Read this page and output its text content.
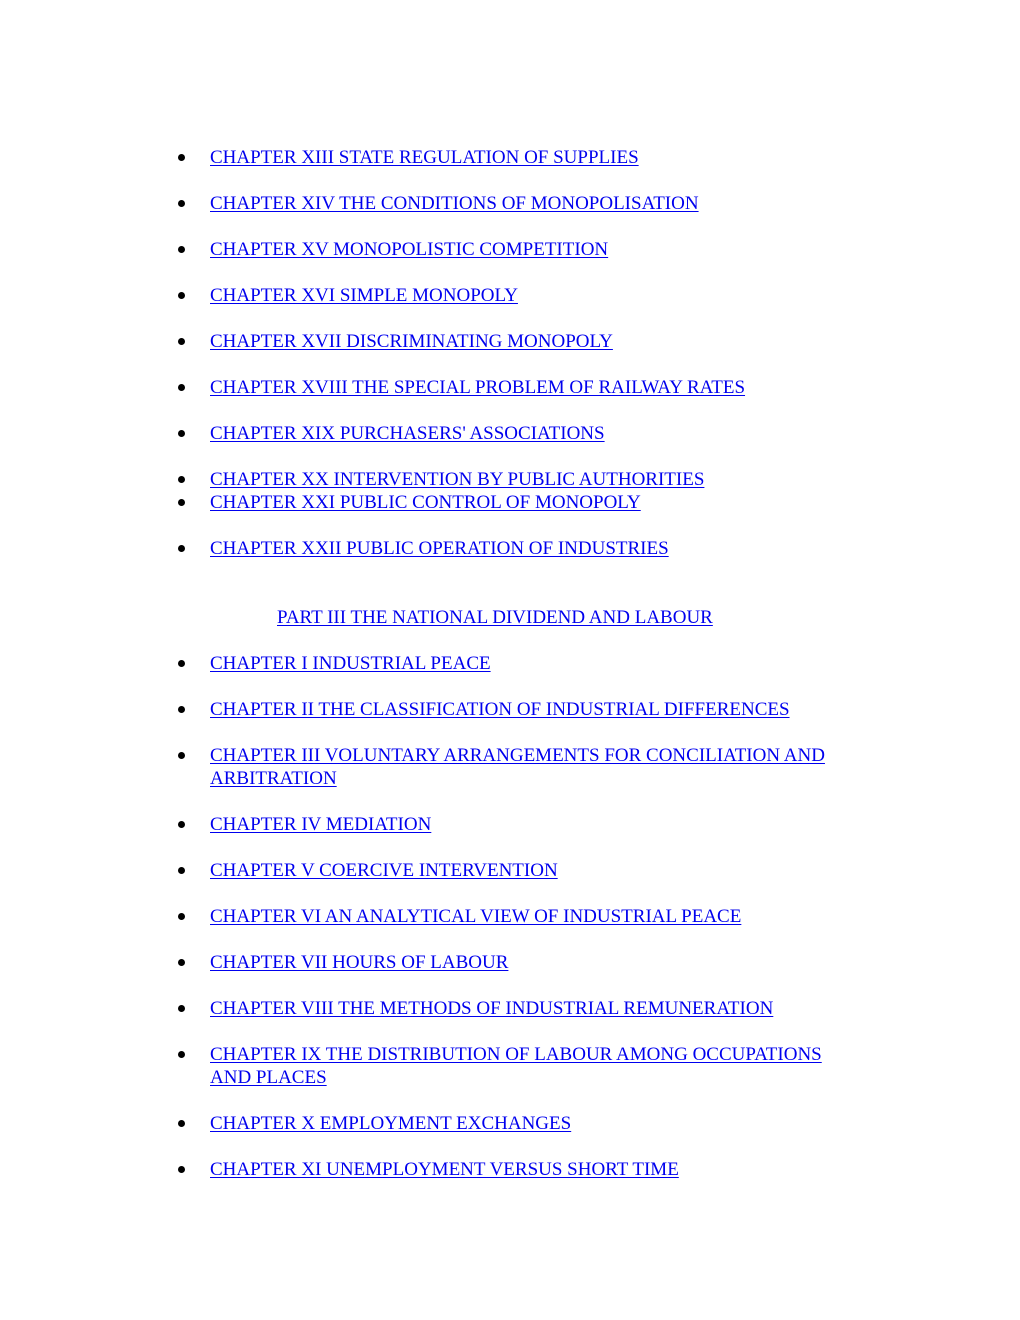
CHAPTER XIII STATE REGULATION OF SUPPLIES
CHAPTER XIV THE CONDITIONS OF MONOPOLISATION
CHAPTER XV MONOPOLISTIC COMPETITION
CHAPTER XVI SIMPLE MONOPOLY
CHAPTER XVII DISCRIMINATING MONOPOLY
CHAPTER XVIII THE SPECIAL PROBLEM OF RAILWAY RATES
CHAPTER XIX PURCHASERS' ASSOCIATIONS
CHAPTER XX INTERVENTION BY PUBLIC AUTHORITIES
CHAPTER XXI PUBLIC CONTROL OF MONOPOLY
CHAPTER XXII PUBLIC OPERATION OF INDUSTRIES
PART III THE NATIONAL DIVIDEND AND LABOUR
CHAPTER I INDUSTRIAL PEACE
CHAPTER II THE CLASSIFICATION OF INDUSTRIAL DIFFERENCES
CHAPTER III VOLUNTARY ARRANGEMENTS FOR CONCILIATION AND
ARBITRATION
CHAPTER IV MEDIATION
CHAPTER V COERCIVE INTERVENTION
CHAPTER VI AN ANALYTICAL VIEW OF INDUSTRIAL PEACE
CHAPTER VII HOURS OF LABOUR
CHAPTER VIII THE METHODS OF INDUSTRIAL REMUNERATION
CHAPTER IX THE DISTRIBUTION OF LABOUR AMONG OCCUPATIONS
AND PLACES
CHAPTER X EMPLOYMENT EXCHANGES
CHAPTER XI UNEMPLOYMENT VERSUS SHORT TIME
